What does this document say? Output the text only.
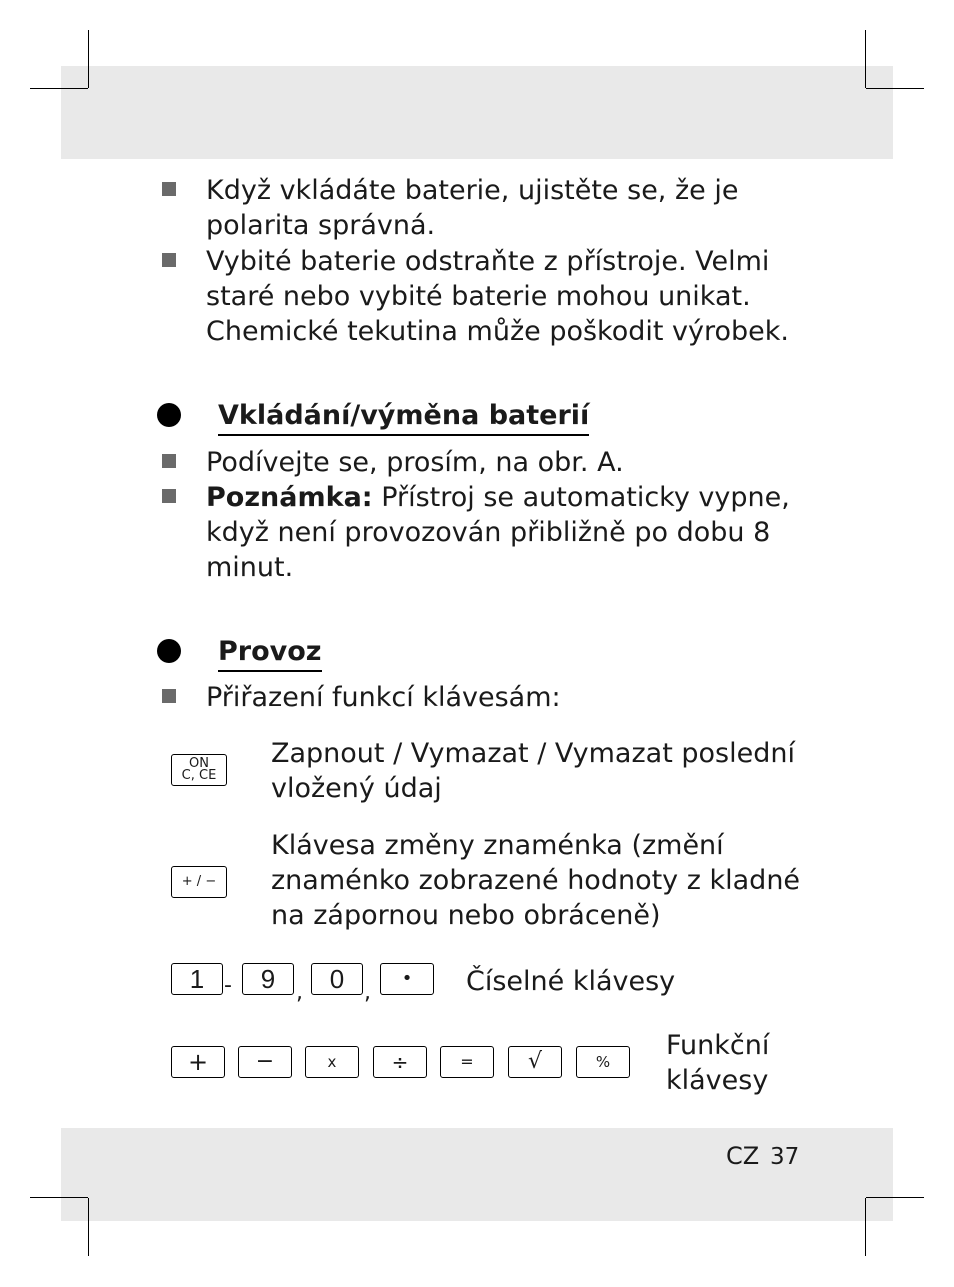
Když vkládáte baterie, ujistěte se, že je
polarita správná.
Vybité baterie odstraňte z přístroje. Velmi
staré nebo vybité baterie mohou unikat.
Chemické tekutina může poškodit výrobek.
Vkládání/výměna baterií
Podívejte se, prosím, na obr. A.
Poznámka: Přístroj se automaticky vypne,
když není provozován přibližně po dobu 8
minut.
Provoz
Přiřazení funkcí klávesám:
ON
C, CE
Zapnout / Vymazat / Vymazat poslední
vložený údaj
+ / −
Klávesa změny znaménka (změní
znaménko zobrazené hodnoty z kladné
na zápornou nebo obráceně)
1 - 9 , 0 ,
• Číselné klávesy
+ −	x	÷	= √	%
Funkční
klávesy
CZ 37
